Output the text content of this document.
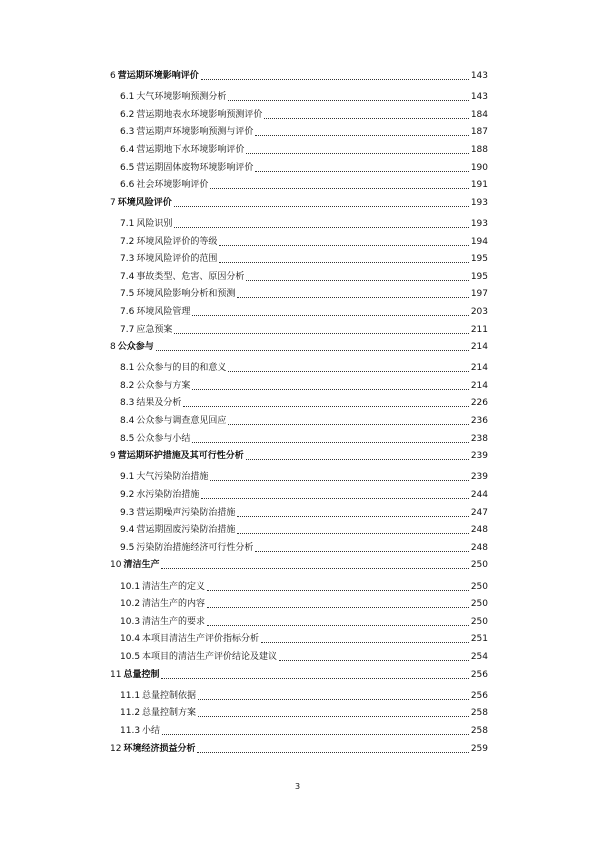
6 营运期环境影响评价	143
6.1 大气环境影响预测分析	143
6.2 营运期地表水环境影响预测评价	184
6.3 营运期声环境影响预测与评价	187
6.4 营运期地下水环境影响评价	188
6.5 营运期固体废物环境影响评价	190
6.6 社会环境影响评价	191
7 环境风险评价	193
7.1 风险识别	193
7.2 环境风险评价的等级	194
7.3 环境风险评价的范围	195
7.4 事故类型、危害、原因分析	195
7.5 环境风险影响分析和预测	197
7.6 环境风险管理	203
7.7 应急预案	211
8 公众参与	214
8.1 公众参与的目的和意义	214
8.2 公众参与方案	214
8.3 结果及分析	226
8.4 公众参与调查意见回应	236
8.5 公众参与小结	238
9 营运期环护措施及其可行性分析	239
9.1 大气污染防治措施	239
9.2 水污染防治措施	244
9.3 营运期噪声污染防治措施	247
9.4 营运期固废污染防治措施	248
9.5 污染防治措施经济可行性分析	248
10 清洁生产	250
10.1 清洁生产的定义	250
10.2 清洁生产的内容	250
10.3 清洁生产的要求	250
10.4 本项目清洁生产评价指标分析	251
10.5 本项目的清洁生产评价结论及建议	254
11 总量控制	256
11.1 总量控制依据	256
11.2 总量控制方案	258
11.3 小结	258
12 环境经济损益分析	259
3
